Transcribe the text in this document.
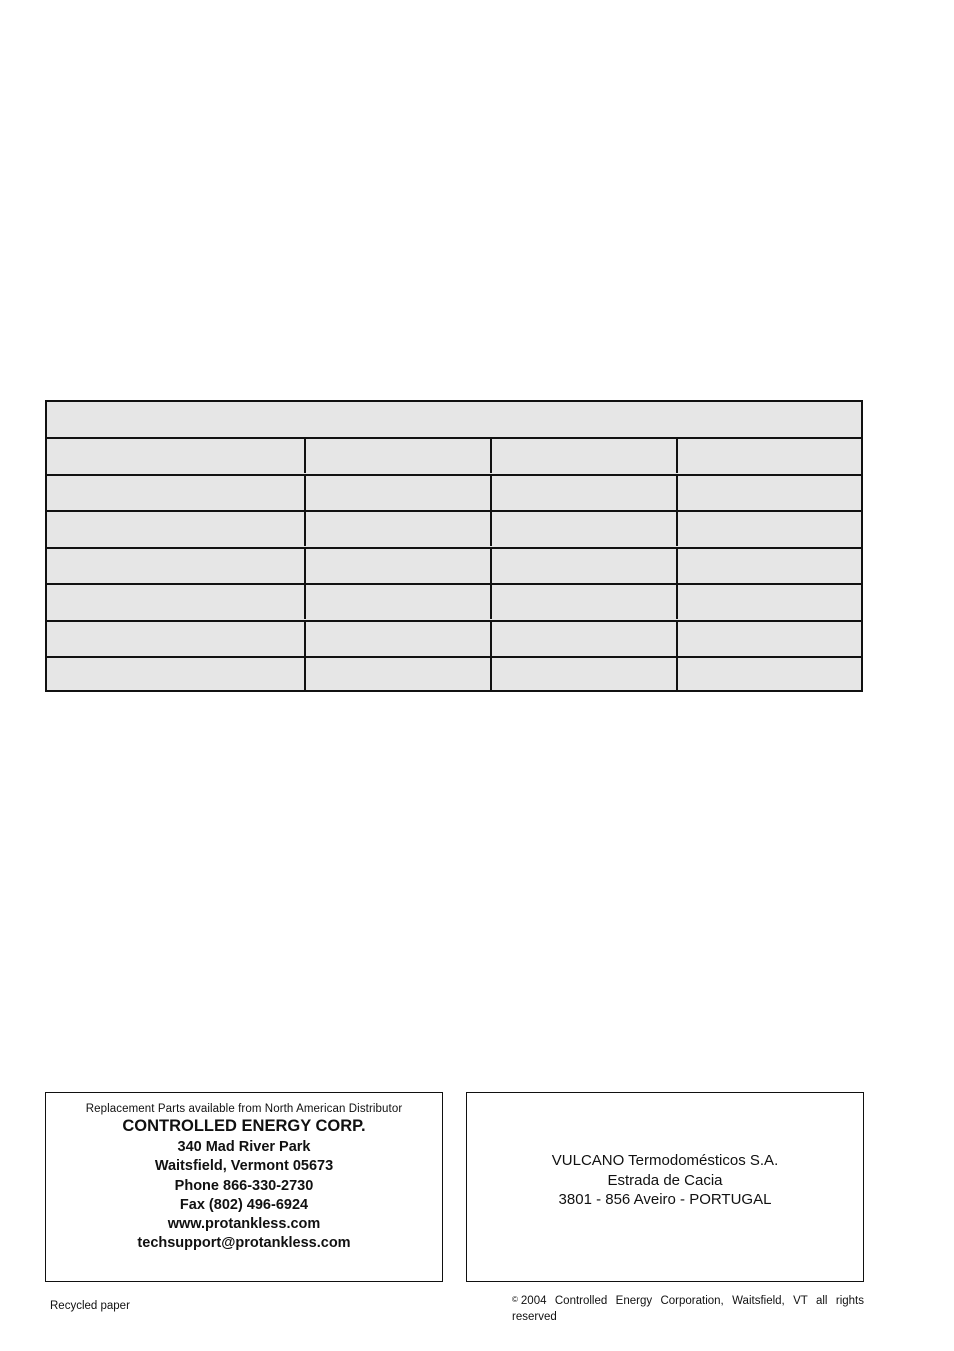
Replacement Parts available from North American Distributor
CONTROLLED ENERGY CORP.
340 Mad River Park
Waitsfield, Vermont 05673
Phone 866-330-2730
Fax (802) 496-6924
www.protankless.com
techsupport@protankless.com
VULCANO Termodomésticos S.A.
Estrada de Cacia
3801 - 856 Aveiro - PORTUGAL
Recycled paper
© 2004 Controlled Energy Corporation, Waitsfield, VT all rights reserved
